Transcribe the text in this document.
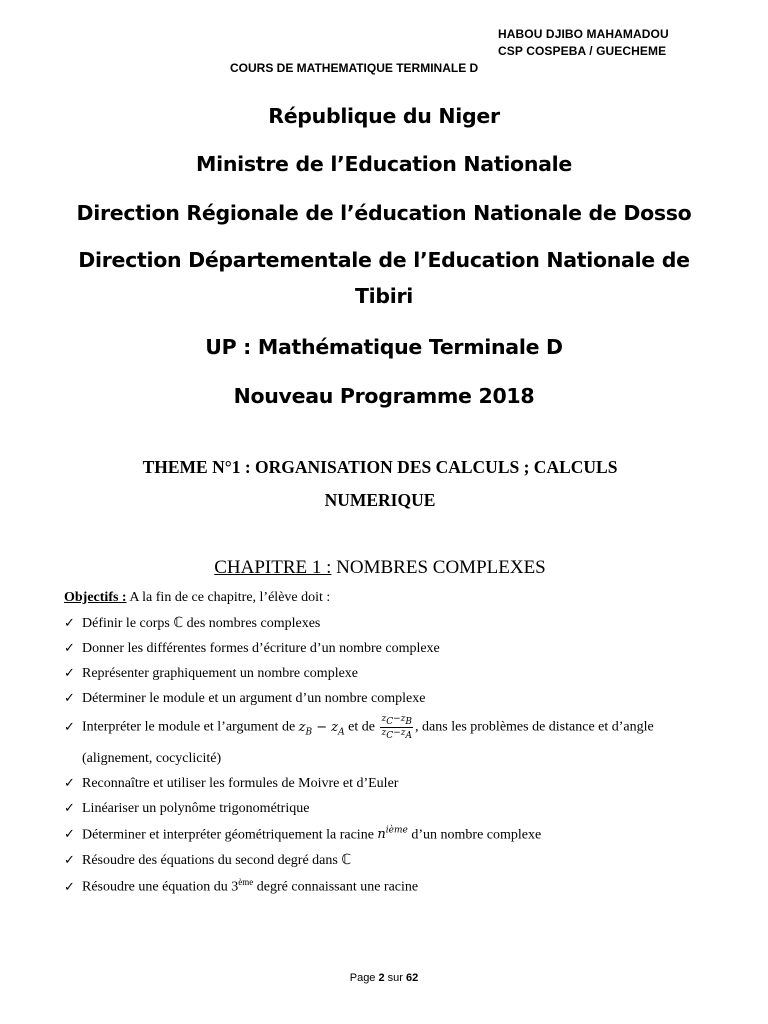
HABOU DJIBO MAHAMADOU
CSP COSPEBA / GUECHEME
COURS DE MATHEMATIQUE TERMINALE D
République du Niger
Ministre de l’Education Nationale
Direction Régionale de l’éducation Nationale de Dosso
Direction Départementale de l’Education Nationale de
Tibiri
UP : Mathématique Terminale D
Nouveau Programme 2018
THEME N°1 : ORGANISATION DES CALCULS ; CALCULS
NUMERIQUE
CHAPITRE 1 : NOMBRES COMPLEXES
Objectifs : A la fin de ce chapitre, l’élève doit :
✓ Définir le corps ℂ des nombres complexes
✓ Donner les différentes formes d’écriture d’un nombre complexe
✓ Représenter graphiquement un nombre complexe
✓ Déterminer le module et un argument d’un nombre complexe
✓ Interpréter le module et l’argument de $z_B - z_A$ et de $\frac{z_C-z_B}{z_C-z_A}$ , dans les problèmes de distance et d’angle
(alignement, cocyclicité)
✓ Reconnaître et utiliser les formules de Moivre et d’Euler
✓ Linéariser un polynôme trigonométrique
✓ Déterminer et interpréter géométriquement la racine $n^{ième}$ d’un nombre complexe
✓ Résoudre des équations du second degré dans ℂ
✓ Résoudre une équation du 3ème degré connaissant une racine
Page 2 sur 62
